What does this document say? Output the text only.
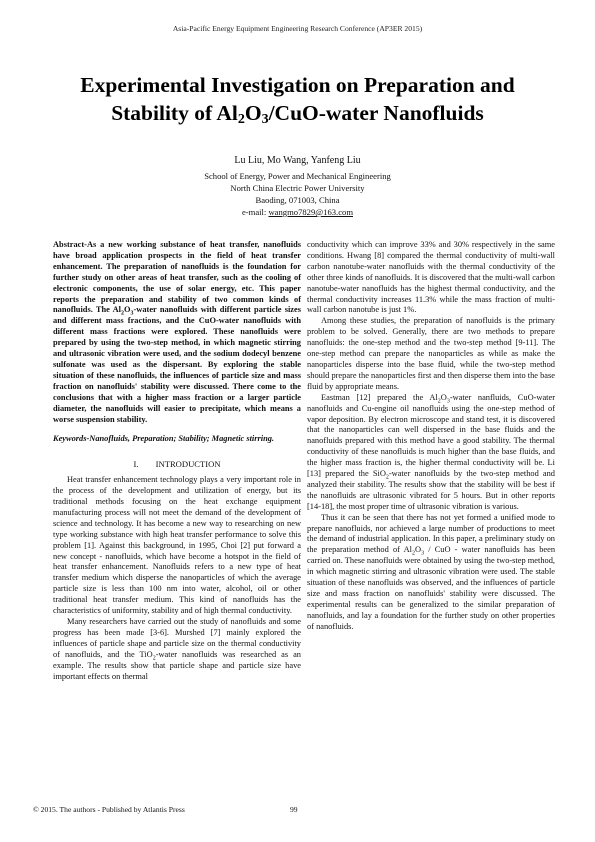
Asia-Pacific Energy Equipment Engineering Research Conference (AP3ER 2015)
Experimental Investigation on Preparation and
Stability of $Al_2O_3/CuO$-water Nanofluids
Lu Liu, Mo Wang, Yanfeng Liu
School of Energy, Power and Mechanical Engineering
North China Electric Power University
Baoding, 071003, China
e-mail: wangmo7829@163.com

Abstract-As a new working substance of heat transfer, nanofluids have broad application prospects in the field of heat transfer enhancement. The preparation of nanofluids is the foundation for further study on other areas of heat transfer, such as the cooling of electronic components, the use of solar energy, etc. This paper reports the preparation and stability of two common kinds of nanofluids. The $Al_2O_3$-water nanofluids with different particle sizes and different mass fractions, and the CuO-water nanofluids with different mass fractions were explored. These nanofluids were prepared by using the two-step method, in which magnetic stirring and ultrasonic vibration were used, and the sodium dodecyl benzene sulfonate was used as the dispersant. By exploring the stable situation of these nanofluids, the influences of particle size and mass fraction on nanofluids' stability were discussed. There come to the conclusions that with a higher mass fraction or a larger particle diameter, the nanofluids will easier to precipitate, which means a worse suspension stability.

Keywords-Nanofluids, Preparation; Stability; Magnetic stirring.

I.  INTRODUCTION

Heat transfer enhancement technology plays a very important role in the process of the development and utilization of energy, but its traditional methods focusing on the heat exchange equipment manufacturing process will not meet the demand of the development of science and technology. It has become a new way to researching on new type working substance with high heat transfer performance to solve this problem [1]. Against this background, in 1995, Choi [2] put forward a new concept - nanofluids, which have become a hotspot in the field of heat transfer enhancement. Nanofluids refers to a new type of heat transfer medium which disperse the nanoparticles of which the average particle size is less than 100 nm into water, alcohol, oil or other traditional heat transfer medium. This kind of nanofluids has the characteristics of uniformity, stability and of high thermal conductivity.

Many researchers have carried out the study of nanofluids and some progress has been made [3-6]. Murshed [7] mainly explored the influences of particle shape and particle size on the thermal conductivity of nanofluids, and the TiO$_2$-water nanofluids was researched as an example. The results show that particle shape and particle size have important effects on thermal

conductivity which can improve 33% and 30% respectively in the same conditions. Hwang [8] compared the thermal conductivity of multi-wall carbon nanotube-water nanofluids with the thermal conductivity of the other three kinds of nanofluids. It is discovered that the multi-wall carbon nanotube-water nanofluids has the highest thermal conductivity, and the thermal conductivity increases 11.3% while the mass fraction of multi-wall carbon nanotube is just 1%.

Among these studies, the preparation of nanofluids is the primary problem to be solved. Generally, there are two methods to prepare nanofluids: the one-step method and the two-step method [9-11]. The one-step method can prepare the nanoparticles as while as make the nanoparticles disperse into the base fluid, while the two-step method should prepare the nanoparticles first and then disperse them into the base fluid by appropriate means.

Eastman [12] prepared the $Al_2O_3$-water nanfluids, CuO-water nanofluids and Cu-engine oil nanofluids using the one-step method of vapor deposition. By electron microscope and stand test, it is discovered that the nanoparticles can well dispersed in the base fluids and the nanofluids prepared with this method have a good stability. The thermal conductivity of these nanofluids is much higher than the base fluids, and the higher mass fraction is, the higher thermal conductivity will be. Li [13] prepared the SiO$_2$-water nanofluids by the two-step method and analyzed their stability. The results show that the stability will be best if the nanofluids are ultrasonic vibrated for 5 hours. But in other reports [14-18], the most proper time of ultrasonic vibration is various.

Thus it can be seen that there has not yet formed a unified mode to prepare nanofluids, nor achieved a large number of productions to meet the demand of industrial application. In this paper, a preliminary study on the preparation method of $Al_2O_3$ / CuO - water nanofluids has been carried on. These nanofluids were obtained by using the two-step method, in which magnetic stirring and ultrasonic vibration were used. The stable situation of these nanofluids was observed, and the influences of particle size and mass fraction on nanofluids' stability were discussed. The experimental results can be generalized to the similar preparation of nanofluids, and lay a foundation for the further study on other properties of nanofluids.

© 2015. The authors - Published by Atlantis Press	99
